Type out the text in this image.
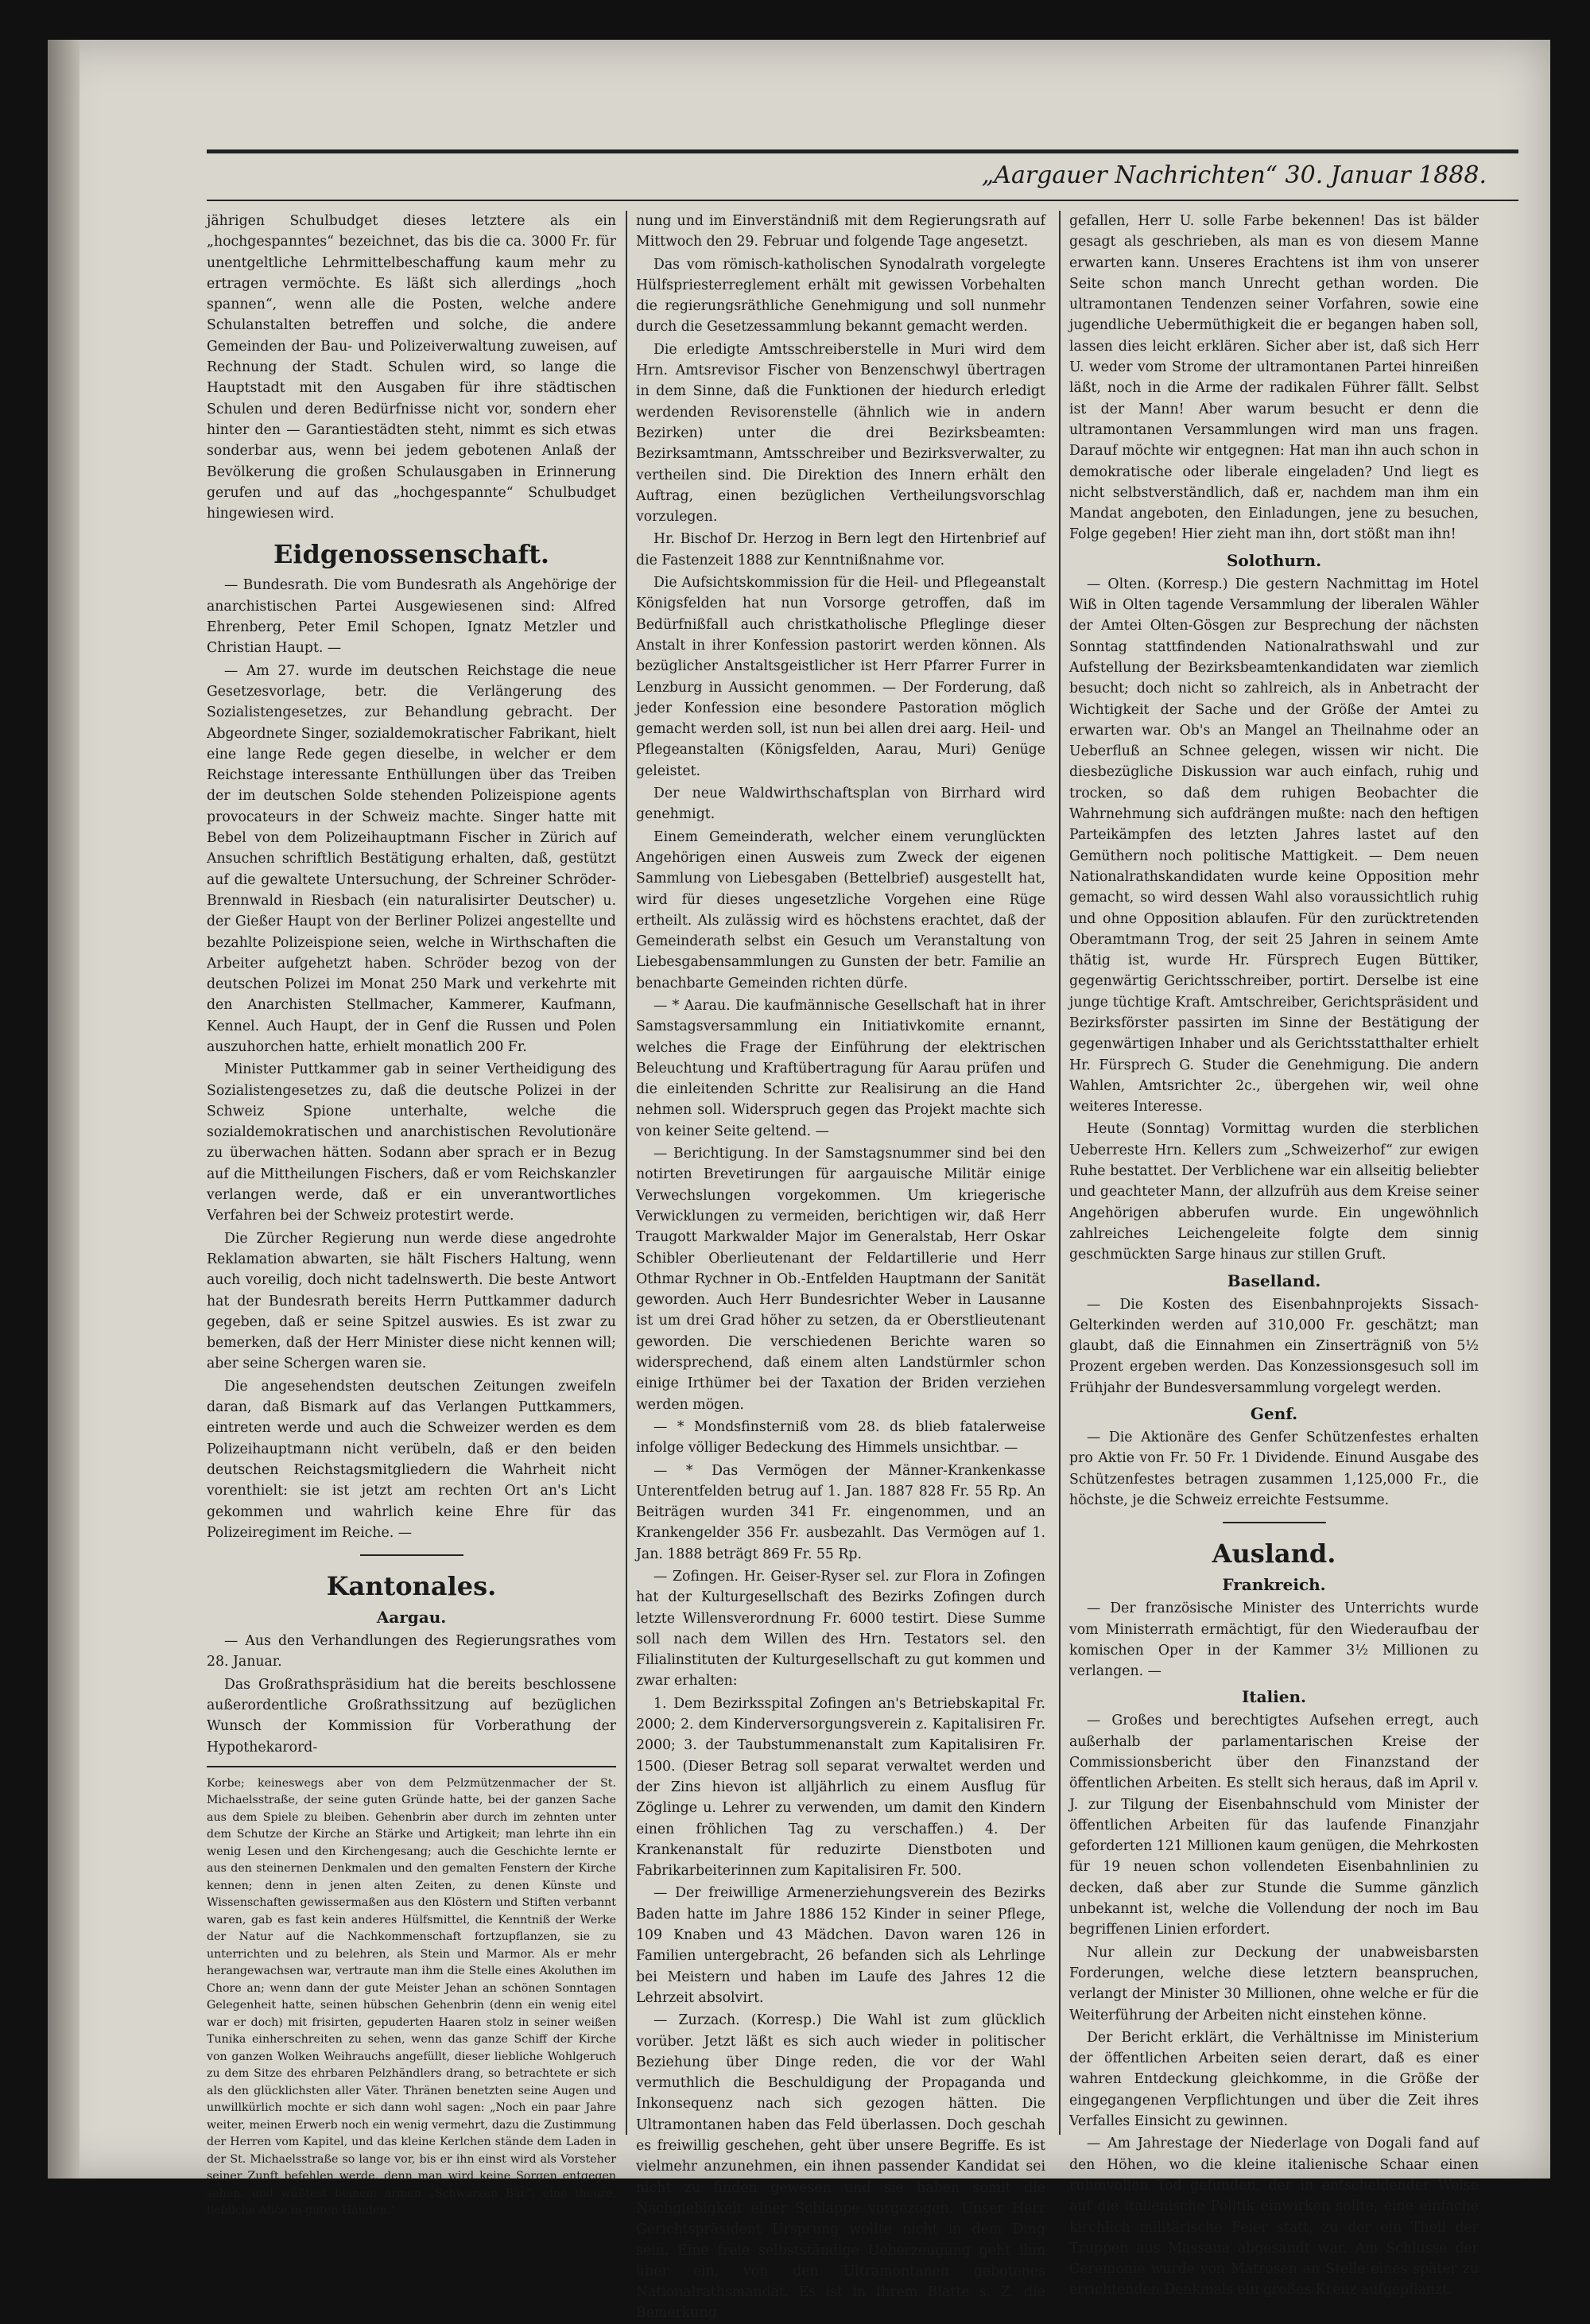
„Aargauer Nachrichten“ 30. Januar 1888.

jährigen Schulbudget dieses letztere als ein „hochgespanntes“ bezeichnet, das bis die ca. 3000 Fr. für unentgeltliche Lehrmittelbeschaffung kaum mehr zu ertragen vermöchte. Es läßt sich allerdings „hoch spannen“, wenn alle die Posten, welche andere Schulanstalten betreffen und solche, die andere Gemeinden der Bau- und Polizeiverwaltung zuweisen, auf Rechnung der Stadt. Schulen wird, so lange die Hauptstadt mit den Ausgaben für ihre städtischen Schulen und deren Bedürfnisse nicht vor, sondern eher hinter den — Garantiestädten steht, nimmt es sich etwas sonderbar aus, wenn bei jedem gebotenen Anlaß der Bevölkerung die großen Schulausgaben in Erinnerung gerufen und auf das „hochgespannte“ Schulbudget hingewiesen wird.

Eidgenossenschaft.

— Bundesrath. Die vom Bundesrath als Angehörige der anarchistischen Partei Ausgewiesenen sind: Alfred Ehrenberg, Peter Emil Schopen, Ignatz Metzler und Christian Haupt. —

— Am 27. wurde im deutschen Reichstage die neue Gesetzesvorlage, betr. die Verlängerung des Sozialistengesetzes, zur Behandlung gebracht. Der Abgeordnete Singer, sozialdemokratischer Fabrikant, hielt eine lange Rede gegen dieselbe, in welcher er dem Reichstage interessante Enthüllungen über das Treiben der im deutschen Solde stehenden Polizeispione agents provocateurs in der Schweiz machte. Singer hatte mit Bebel von dem Polizeihauptmann Fischer in Zürich auf Ansuchen schriftlich Bestätigung erhalten, daß, gestützt auf die gewaltete Untersuchung, der Schreiner Schröder-Brennwald in Riesbach (ein naturalisirter Deutscher) u. der Gießer Haupt von der Berliner Polizei angestellte und bezahlte Polizeispione seien, welche in Wirthschaften die Arbeiter aufgehetzt haben. Schröder bezog von der deutschen Polizei im Monat 250 Mark und verkehrte mit den Anarchisten Stellmacher, Kammerer, Kaufmann, Kennel. Auch Haupt, der in Genf die Russen und Polen auszuhorchen hatte, erhielt monatlich 200 Fr.

Minister Puttkammer gab in seiner Vertheidigung des Sozialistengesetzes zu, daß die deutsche Polizei in der Schweiz Spione unterhalte, welche die sozialdemokratischen und anarchistischen Revolutionäre zu überwachen hätten. Sodann aber sprach er in Bezug auf die Mittheilungen Fischers, daß er vom Reichskanzler verlangen werde, daß er ein unverantwortliches Verfahren bei der Schweiz protestirt werde.

Die Zürcher Regierung nun werde diese angedrohte Reklamation abwarten, sie hält Fischers Haltung, wenn auch voreilig, doch nicht tadelnswerth. Die beste Antwort hat der Bundesrath bereits Herrn Puttkammer dadurch gegeben, daß er seine Spitzel auswies. Es ist zwar zu bemerken, daß der Herr Minister diese nicht kennen will; aber seine Schergen waren sie.

Die angesehendsten deutschen Zeitungen zweifeln daran, daß Bismark auf das Verlangen Puttkammers, eintreten werde und auch die Schweizer werden es dem Polizeihauptmann nicht verübeln, daß er den beiden deutschen Reichstagsmitgliedern die Wahrheit nicht vorenthielt: sie ist jetzt am rechten Ort an's Licht gekommen und wahrlich keine Ehre für das Polizeiregiment im Reiche. —

Kantonales.
Aargau.

— Aus den Verhandlungen des Regierungsrathes vom 28. Januar.

Das Großrathspräsidium hat die bereits beschlossene außerordentliche Großrathssitzung auf bezüglichen Wunsch der Kommission für Vorberathung der Hypothekarord-

Korbe; keineswegs aber von dem Pelzmützenmacher der St. Michaelsstraße, der seine guten Gründe hatte, bei der ganzen Sache aus dem Spiele zu bleiben. Gehenbrin aber durch im zehnten unter dem Schutze der Kirche an Stärke und Artigkeit; man lehrte ihn ein wenig Lesen und den Kirchengesang; auch die Geschichte lernte er aus den steinernen Denkmalen und den gemalten Fenstern der Kirche kennen; denn in jenen alten Zeiten, zu denen Künste und Wissenschaften gewissermaßen aus den Klöstern und Stiften verbannt waren, gab es fast kein anderes Hülfsmittel, die Kenntniß der Werke der Natur auf die Nachkommenschaft fortzupflanzen, sie zu unterrichten und zu belehren, als Stein und Marmor. Als er mehr herangewachsen war, vertraute man ihm die Stelle eines Akoluthen im Chore an; wenn dann der gute Meister Jehan an schönen Sonntagen Gelegenheit hatte, seinen hübschen Gehenbrin (denn ein wenig eitel war er doch) mit frisirten, gepuderten Haaren stolz in seiner weißen Tunika einherschreiten zu sehen, wenn das ganze Schiff der Kirche von ganzen Wolken Weihrauchs angefüllt, dieser liebliche Wohlgeruch zu dem Sitze des ehrbaren Pelzhändlers drang, so betrachtete er sich als den glücklichsten aller Väter. Thränen benetzten seine Augen und unwillkürlich mochte er sich dann wohl sagen: „Noch ein paar Jahre weiter, meinen Erwerb noch ein wenig vermehrt, dazu die Zustimmung der Herren vom Kapitel, und das kleine Kerlchen stände dem Laden in der St. Michaelsstraße so lange vor, bis er ihn einst wird als Vorsteher seiner Zunft befehlen werde, denn man wird keine Sorgen entgegen sehen, und wüßtest beinem armen „Schwarzen Bär“, eine theure, liebliche Alice in guten Händen.“

nung und im Einverständniß mit dem Regierungsrath auf Mittwoch den 29. Februar und folgende Tage angesetzt.

Das vom römisch-katholischen Synodalrath vorgelegte Hülfspriesterreglement erhält mit gewissen Vorbehalten die regierungsräthliche Genehmigung und soll nunmehr durch die Gesetzessammlung bekannt gemacht werden.

Die erledigte Amtsschreiberstelle in Muri wird dem Hrn. Amtsrevisor Fischer von Benzenschwyl übertragen in dem Sinne, daß die Funktionen der hiedurch erledigt werdenden Revisorenstelle (ähnlich wie in andern Bezirken) unter die drei Bezirksbeamten: Bezirksamtmann, Amtsschreiber und Bezirksverwalter, zu vertheilen sind. Die Direktion des Innern erhält den Auftrag, einen bezüglichen Vertheilungsvorschlag vorzulegen.

Hr. Bischof Dr. Herzog in Bern legt den Hirtenbrief auf die Fastenzeit 1888 zur Kenntnißnahme vor.

Die Aufsichtskommission für die Heil- und Pflegeanstalt Königsfelden hat nun Vorsorge getroffen, daß im Bedürfnißfall auch christkatholische Pfleglinge dieser Anstalt in ihrer Konfession pastorirt werden können. Als bezüglicher Anstaltsgeistlicher ist Herr Pfarrer Furrer in Lenzburg in Aussicht genommen. — Der Forderung, daß jeder Konfession eine besondere Pastoration möglich gemacht werden soll, ist nun bei allen drei aarg. Heil- und Pflegeanstalten (Königsfelden, Aarau, Muri) Genüge geleistet.

Der neue Waldwirthschaftsplan von Birrhard wird genehmigt.

Einem Gemeinderath, welcher einem verunglückten Angehörigen einen Ausweis zum Zweck der eigenen Sammlung von Liebesgaben (Bettelbrief) ausgestellt hat, wird für dieses ungesetzliche Vorgehen eine Rüge ertheilt. Als zulässig wird es höchstens erachtet, daß der Gemeinderath selbst ein Gesuch um Veranstaltung von Liebesgabensammlungen zu Gunsten der betr. Familie an benachbarte Gemeinden richten dürfe.

— * Aarau. Die kaufmännische Gesellschaft hat in ihrer Samstagsversammlung ein Initiativkomite ernannt, welches die Frage der Einführung der elektrischen Beleuchtung und Kraftübertragung für Aarau prüfen und die einleitenden Schritte zur Realisirung an die Hand nehmen soll. Widerspruch gegen das Projekt machte sich von keiner Seite geltend. —

— Berichtigung. In der Samstagsnummer sind bei den notirten Brevetirungen für aargauische Militär einige Verwechslungen vorgekommen. Um kriegerische Verwicklungen zu vermeiden, berichtigen wir, daß Herr Traugott Markwalder Major im Generalstab, Herr Oskar Schibler Oberlieutenant der Feldartillerie und Herr Othmar Rychner in Ob.-Entfelden Hauptmann der Sanität geworden. Auch Herr Bundesrichter Weber in Lausanne ist um drei Grad höher zu setzen, da er Oberstlieutenant geworden. Die verschiedenen Berichte waren so widersprechend, daß einem alten Landstürmler schon einige Irthümer bei der Taxation der Briden verziehen werden mögen.

— * Mondsfinsterniß vom 28. ds blieb fatalerweise infolge völliger Bedeckung des Himmels unsichtbar. —

— * Das Vermögen der Männer-Krankenkasse Unterentfelden betrug auf 1. Jan. 1887 828 Fr. 55 Rp. An Beiträgen wurden 341 Fr. eingenommen, und an Krankengelder 356 Fr. ausbezahlt. Das Vermögen auf 1. Jan. 1888 beträgt 869 Fr. 55 Rp.

— Zofingen. Hr. Geiser-Ryser sel. zur Flora in Zofingen hat der Kulturgesellschaft des Bezirks Zofingen durch letzte Willensverordnung Fr. 6000 testirt. Diese Summe soll nach dem Willen des Hrn. Testators sel. den Filialinstituten der Kulturgesellschaft zu gut kommen und zwar erhalten:

1. Dem Bezirksspital Zofingen an's Betriebskapital Fr. 2000; 2. dem Kinderversorgungsverein z. Kapitalisiren Fr. 2000; 3. der Taubstummenanstalt zum Kapitalisiren Fr. 1500. (Dieser Betrag soll separat verwaltet werden und der Zins hievon ist alljährlich zu einem Ausflug für Zöglinge u. Lehrer zu verwenden, um damit den Kindern einen fröhlichen Tag zu verschaffen.) 4. Der Krankenanstalt für reduzirte Dienstboten und Fabrikarbeiterinnen zum Kapitalisiren Fr. 500.

— Der freiwillige Armenerziehungsverein des Bezirks Baden hatte im Jahre 1886 152 Kinder in seiner Pflege, 109 Knaben und 43 Mädchen. Davon waren 126 in Familien untergebracht, 26 befanden sich als Lehrlinge bei Meistern und haben im Laufe des Jahres 12 die Lehrzeit absolvirt.

— Zurzach. (Korresp.) Die Wahl ist zum glücklich vorüber. Jetzt läßt es sich auch wieder in politischer Beziehung über Dinge reden, die vor der Wahl vermuthlich die Beschuldigung der Propaganda und Inkonsequenz nach sich gezogen hätten. Die Ultramontanen haben das Feld überlassen. Doch geschah es freiwillig geschehen, geht über unsere Begriffe. Es ist vielmehr anzunehmen, ein ihnen passender Kandidat sei nicht zu finden gewesen und sie haben somit die Nachgiebigkeit einer Schlappe vorgezogen. Unser Herr Gerichtspräsident Ursprung wollte nicht in dem Ding sein. Eine freie selbstständige Ueberzeugung geht ihm über ein, von den Ultramontanen gebotenes Nationalrathsmandat. Es ist in Ihrem Blatte s. Z. die Bemerkung

gefallen, Herr U. solle Farbe bekennen! Das ist bälder gesagt als geschrieben, als man es von diesem Manne erwarten kann. Unseres Erachtens ist ihm von unserer Seite schon manch Unrecht gethan worden. Die ultramontanen Tendenzen seiner Vorfahren, sowie eine jugendliche Uebermüthigkeit die er begangen haben soll, lassen dies leicht erklären. Sicher aber ist, daß sich Herr U. weder vom Strome der ultramontanen Partei hinreißen läßt, noch in die Arme der radikalen Führer fällt. Selbst ist der Mann! Aber warum besucht er denn die ultramontanen Versammlungen wird man uns fragen. Darauf möchte wir entgegnen: Hat man ihn auch schon in demokratische oder liberale eingeladen? Und liegt es nicht selbstverständlich, daß er, nachdem man ihm ein Mandat angeboten, den Einladungen, jene zu besuchen, Folge gegeben! Hier zieht man ihn, dort stößt man ihn!

Solothurn.

— Olten. (Korresp.) Die gestern Nachmittag im Hotel Wiß in Olten tagende Versammlung der liberalen Wähler der Amtei Olten-Gösgen zur Besprechung der nächsten Sonntag stattfindenden Nationalrathswahl und zur Aufstellung der Bezirksbeamtenkandidaten war ziemlich besucht; doch nicht so zahlreich, als in Anbetracht der Wichtigkeit der Sache und der Größe der Amtei zu erwarten war. Ob's an Mangel an Theilnahme oder an Ueberfluß an Schnee gelegen, wissen wir nicht. Die diesbezügliche Diskussion war auch einfach, ruhig und trocken, so daß dem ruhigen Beobachter die Wahrnehmung sich aufdrängen mußte: nach den heftigen Parteikämpfen des letzten Jahres lastet auf den Gemüthern noch politische Mattigkeit. — Dem neuen Nationalrathskandidaten wurde keine Opposition mehr gemacht, so wird dessen Wahl also voraussichtlich ruhig und ohne Opposition ablaufen. Für den zurücktretenden Oberamtmann Trog, der seit 25 Jahren in seinem Amte thätig ist, wurde Hr. Fürsprech Eugen Büttiker, gegenwärtig Gerichtsschreiber, portirt. Derselbe ist eine junge tüchtige Kraft. Amtschreiber, Gerichtspräsident und Bezirksförster passirten im Sinne der Bestätigung der gegenwärtigen Inhaber und als Gerichtsstatthalter erhielt Hr. Fürsprech G. Studer die Genehmigung. Die andern Wahlen, Amtsrichter 2c., übergehen wir, weil ohne weiteres Interesse.

Heute (Sonntag) Vormittag wurden die sterblichen Ueberreste Hrn. Kellers zum „Schweizerhof“ zur ewigen Ruhe bestattet. Der Verblichene war ein allseitig beliebter und geachteter Mann, der allzufrüh aus dem Kreise seiner Angehörigen abberufen wurde. Ein ungewöhnlich zahlreiches Leichengeleite folgte dem sinnig geschmückten Sarge hinaus zur stillen Gruft.

Baselland.

— Die Kosten des Eisenbahnprojekts Sissach-Gelterkinden werden auf 310,000 Fr. geschätzt; man glaubt, daß die Einnahmen ein Zinserträgniß von 5½ Prozent ergeben werden. Das Konzessionsgesuch soll im Frühjahr der Bundesversammlung vorgelegt werden.

Genf.

— Die Aktionäre des Genfer Schützenfestes erhalten pro Aktie von Fr. 50 Fr. 1 Dividende. Einund Ausgabe des Schützenfestes betragen zusammen 1,125,000 Fr., die höchste, je die Schweiz erreichte Festsumme.

Ausland.
Frankreich.

— Der französische Minister des Unterrichts wurde vom Ministerrath ermächtigt, für den Wiederaufbau der komischen Oper in der Kammer 3½ Millionen zu verlangen. —

Italien.

— Großes und berechtigtes Aufsehen erregt, auch außerhalb der parlamentarischen Kreise der Commissionsbericht über den Finanzstand der öffentlichen Arbeiten. Es stellt sich heraus, daß im April v. J. zur Tilgung der Eisenbahnschuld vom Minister der öffentlichen Arbeiten für das laufende Finanzjahr geforderten 121 Millionen kaum genügen, die Mehrkosten für 19 neuen schon vollendeten Eisenbahnlinien zu decken, daß aber zur Stunde die Summe gänzlich unbekannt ist, welche die Vollendung der noch im Bau begriffenen Linien erfordert.

Nur allein zur Deckung der unabweisbarsten Forderungen, welche diese letztern beanspruchen, verlangt der Minister 30 Millionen, ohne welche er für die Weiterführung der Arbeiten nicht einstehen könne.

Der Bericht erklärt, die Verhältnisse im Ministerium der öffentlichen Arbeiten seien derart, daß es einer wahren Entdeckung gleichkomme, in die Größe der eingegangenen Verpflichtungen und über die Zeit ihres Verfalles Einsicht zu gewinnen.

— Am Jahrestage der Niederlage von Dogali fand auf den Höhen, wo die kleine italienische Schaar einen ruhmvollen Tod gefunden, der in entscheidender Weise auf die italienische Politik einwirken sollte, eine einfache kirchlich militärische Feier statt, zu der ein Theil der Truppen aus Massaua abgesandt war. Am Schlusse der Ceremonie wurde von Matrosen an Stelle eines später zu errichtenden Denkmals ein großes Kreuz aufgepflanzt.
